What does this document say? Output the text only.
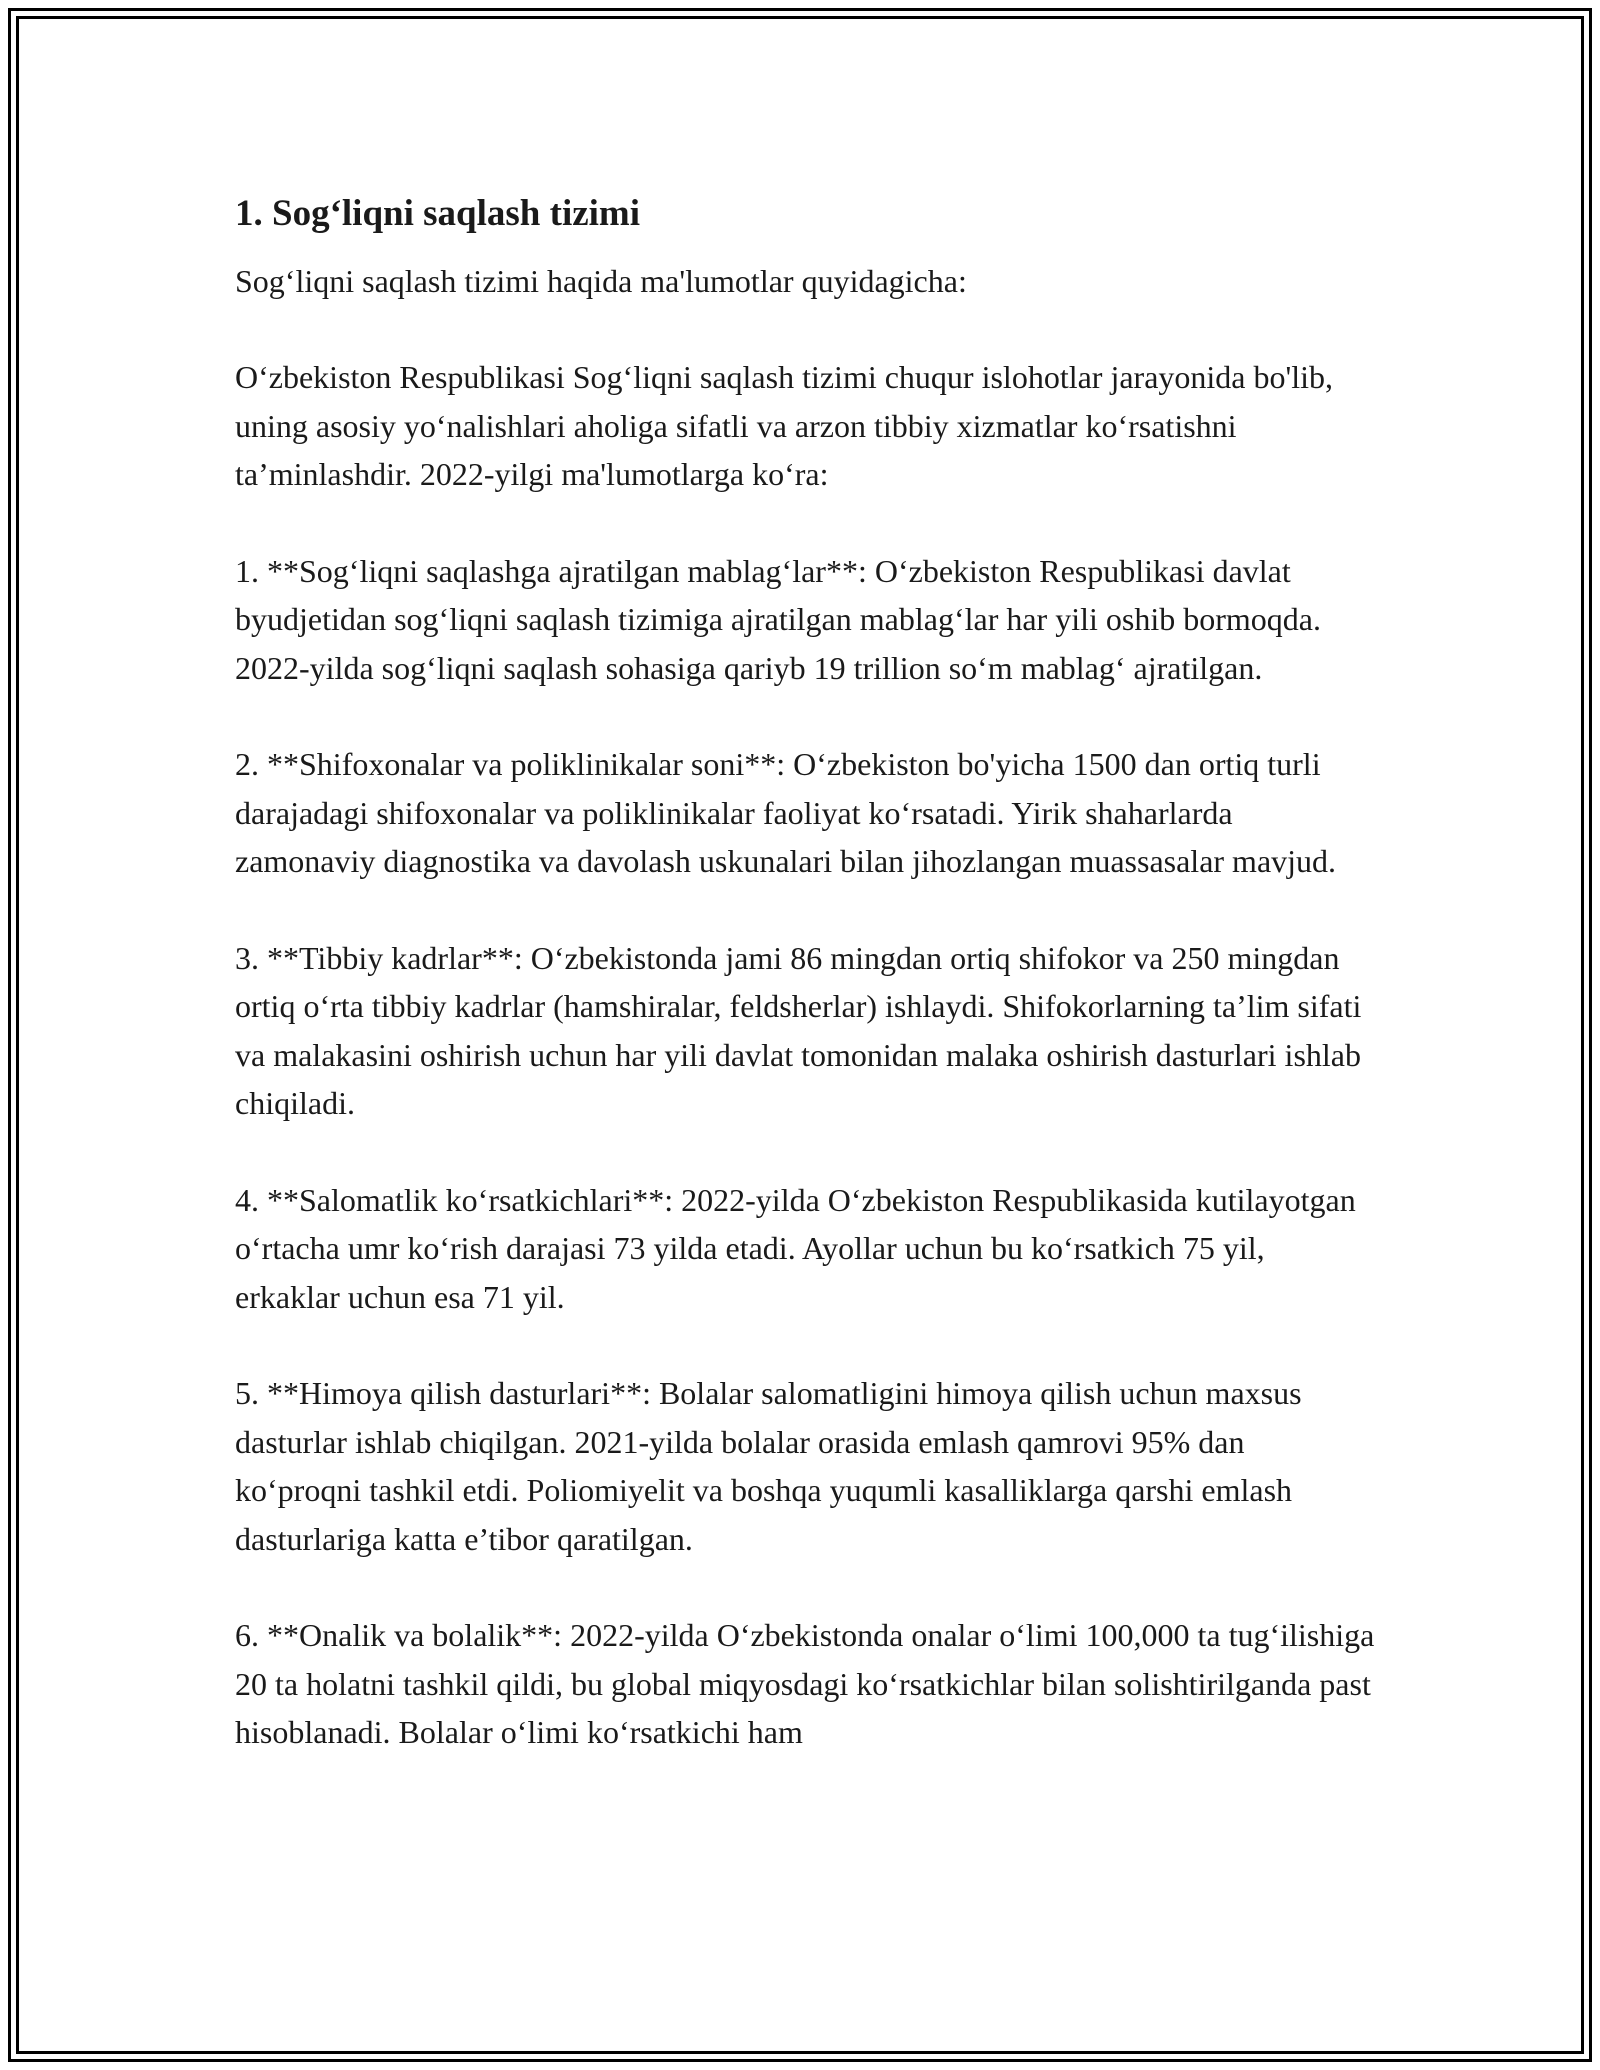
1. Sog‘liqni saqlash tizimi

Sog‘liqni saqlash tizimi haqida ma'lumotlar quyidagicha:

O‘zbekiston Respublikasi Sog‘liqni saqlash tizimi chuqur islohotlar jarayonida bo'lib, uning asosiy yo‘nalishlari aholiga sifatli va arzon tibbiy xizmatlar ko‘rsatishni ta’minlashdir. 2022-yilgi ma'lumotlarga ko‘ra:

1. **Sog‘liqni saqlashga ajratilgan mablag‘lar**: O‘zbekiston Respublikasi davlat byudjetidan sog‘liqni saqlash tizimiga ajratilgan mablag‘lar har yili oshib bormoqda. 2022-yilda sog‘liqni saqlash sohasiga qariyb 19 trillion so‘m mablag‘ ajratilgan.

2. **Shifoxonalar va poliklinikalar soni**: O‘zbekiston bo'yicha 1500 dan ortiq turli darajadagi shifoxonalar va poliklinikalar faoliyat ko‘rsatadi. Yirik shaharlarda zamonaviy diagnostika va davolash uskunalari bilan jihozlangan muassasalar mavjud.

3. **Tibbiy kadrlar**: O‘zbekistonda jami 86 mingdan ortiq shifokor va 250 mingdan ortiq o‘rta tibbiy kadrlar (hamshiralar, feldsherlar) ishlaydi. Shifokorlarning ta’lim sifati va malakasini oshirish uchun har yili davlat tomonidan malaka oshirish dasturlari ishlab chiqiladi.

4. **Salomatlik ko‘rsatkichlari**: 2022-yilda O‘zbekiston Respublikasida kutilayotgan o‘rtacha umr ko‘rish darajasi 73 yilda etadi. Ayollar uchun bu ko‘rsatkich 75 yil, erkaklar uchun esa 71 yil.

5. **Himoya qilish dasturlari**: Bolalar salomatligini himoya qilish uchun maxsus dasturlar ishlab chiqilgan. 2021-yilda bolalar orasida emlash qamrovi 95% dan ko‘proqni tashkil etdi. Poliomiyelit va boshqa yuqumli kasalliklarga qarshi emlash dasturlariga katta e’tibor qaratilgan.

6. **Onalik va bolalik**: 2022-yilda O‘zbekistonda onalar o‘limi 100,000 ta tug‘ilishiga 20 ta holatni tashkil qildi, bu global miqyosdagi ko‘rsatkichlar bilan solishtirilganda past hisoblanadi. Bolalar o‘limi ko‘rsatkichi ham
